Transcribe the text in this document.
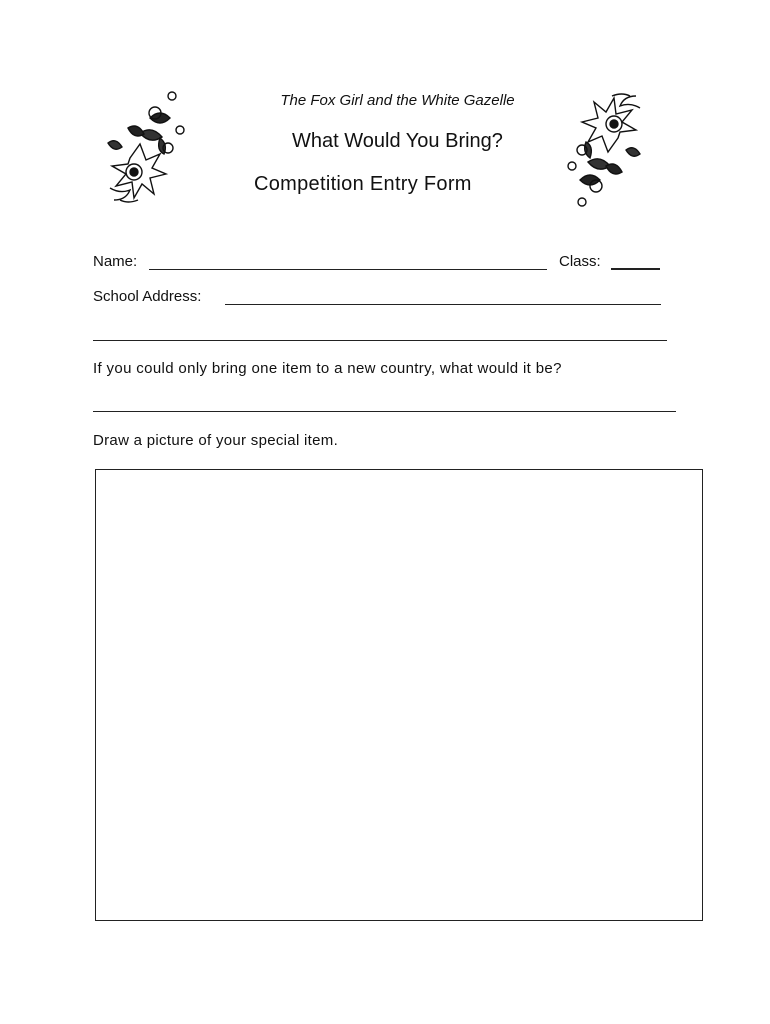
The Fox Girl and the White Gazelle
What Would You Bring?
Competition Entry Form
Name:	Class:
School Address:
If you could only bring one item to a new country, what would it be?
Draw a picture of your special item.
